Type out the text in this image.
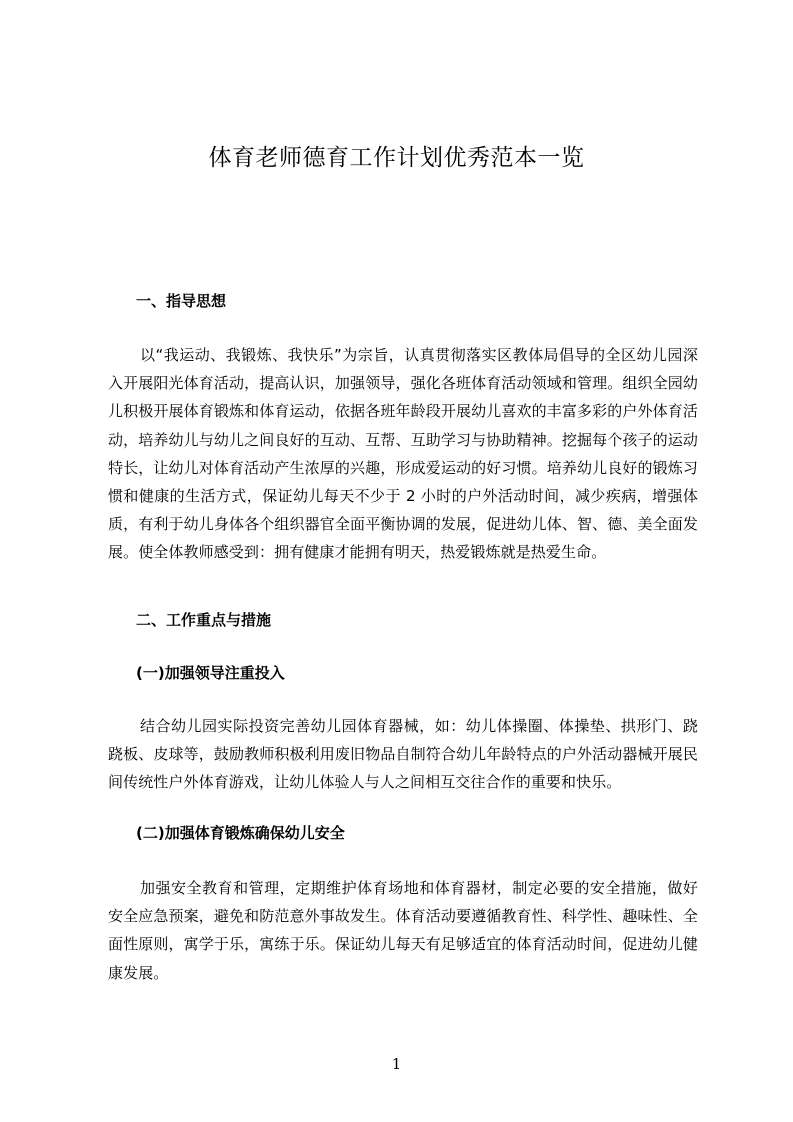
体育老师德育工作计划优秀范本一览
一、指导思想

以“我运动、我锻炼、我快乐”为宗旨，认真贯彻落实区教体局倡导的全区幼儿园深入开展阳光体育活动，提高认识，加强领导，强化各班体育活动领域和管理。组织全园幼儿积极开展体育锻炼和体育运动，依据各班年龄段开展幼儿喜欢的丰富多彩的户外体育活动，培养幼儿与幼儿之间良好的互动、互帮、互助学习与协助精神。挖掘每个孩子的运动特长，让幼儿对体育活动产生浓厚的兴趣，形成爱运动的好习惯。培养幼儿良好的锻炼习惯和健康的生活方式，保证幼儿每天不少于 2 小时的户外活动时间，减少疾病，增强体质，有利于幼儿身体各个组织器官全面平衡协调的发展，促进幼儿体、智、德、美全面发展。使全体教师感受到：拥有健康才能拥有明天，热爱锻炼就是热爱生命。

二、工作重点与措施
(一)加强领导注重投入

结合幼儿园实际投资完善幼儿园体育器械，如：幼儿体操圈、体操垫、拱形门、跷跷板、皮球等，鼓励教师积极利用废旧物品自制符合幼儿年龄特点的户外活动器械开展民间传统性户外体育游戏，让幼儿体验人与人之间相互交往合作的重要和快乐。

(二)加强体育锻炼确保幼儿安全

加强安全教育和管理，定期维护体育场地和体育器材，制定必要的安全措施，做好安全应急预案，避免和防范意外事故发生。体育活动要遵循教育性、科学性、趣味性、全面性原则，寓学于乐，寓练于乐。保证幼儿每天有足够适宜的体育活动时间，促进幼儿健康发展。

1
